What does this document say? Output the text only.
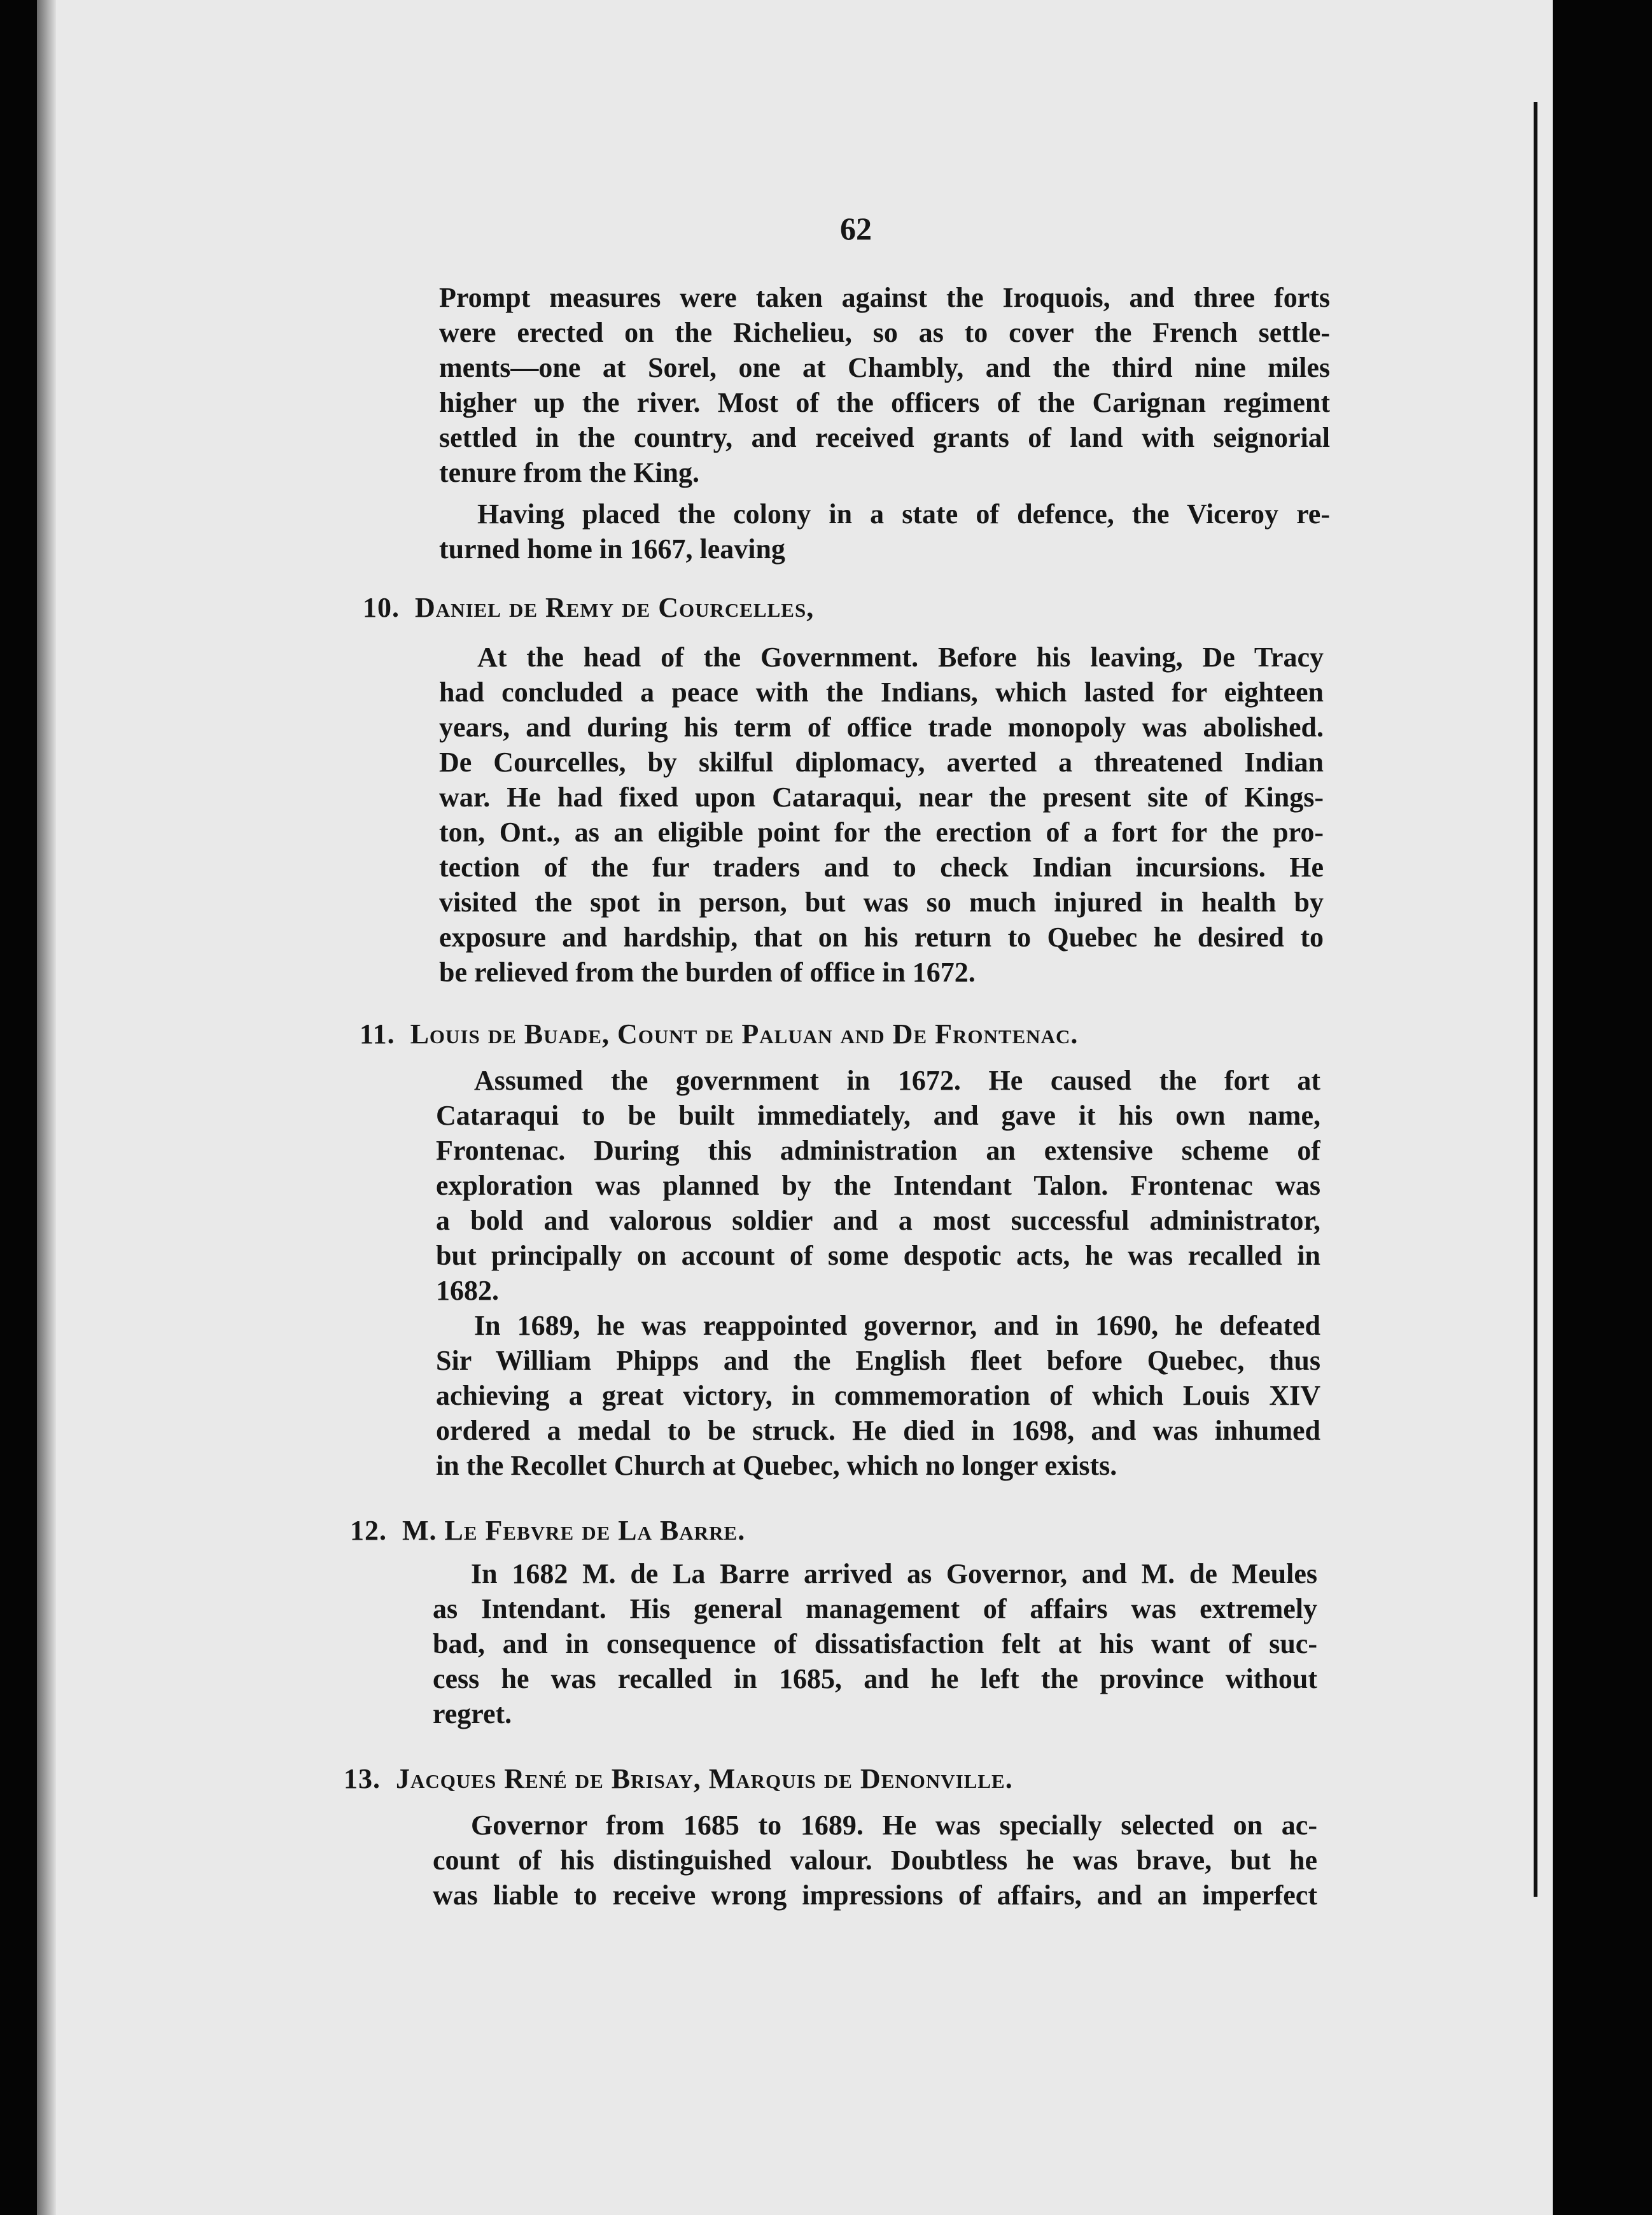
62
Prompt measures were taken against the Iroquois, and three forts
were erected on the Richelieu, so as to cover the French settle-
ments—one at Sorel, one at Chambly, and the third nine miles
higher up the river. Most of the officers of the Carignan regiment
settled in the country, and received grants of land with seignorial
tenure from the King.
Having placed the colony in a state of defence, the Viceroy re-
turned home in 1667, leaving
10. Daniel de Remy de Courcelles,
At the head of the Government. Before his leaving, De Tracy
had concluded a peace with the Indians, which lasted for eighteen
years, and during his term of office trade monopoly was abolished.
De Courcelles, by skilful diplomacy, averted a threatened Indian
war. He had fixed upon Cataraqui, near the present site of Kings-
ton, Ont., as an eligible point for the erection of a fort for the pro-
tection of the fur traders and to check Indian incursions. He
visited the spot in person, but was so much injured in health by
exposure and hardship, that on his return to Quebec he desired to
be relieved from the burden of office in 1672.
11. Louis de Buade, Count de Paluan and De Frontenac.
Assumed the government in 1672. He caused the fort at
Cataraqui to be built immediately, and gave it his own name,
Frontenac. During this administration an extensive scheme of
exploration was planned by the Intendant Talon. Frontenac was
a bold and valorous soldier and a most successful administrator,
but principally on account of some despotic acts, he was recalled in
1682.
In 1689, he was reappointed governor, and in 1690, he defeated
Sir William Phipps and the English fleet before Quebec, thus
achieving a great victory, in commemoration of which Louis XIV
ordered a medal to be struck. He died in 1698, and was inhumed
in the Recollet Church at Quebec, which no longer exists.
12. M. Le Febvre de La Barre.
In 1682 M. de La Barre arrived as Governor, and M. de Meules
as Intendant. His general management of affairs was extremely
bad, and in consequence of dissatisfaction felt at his want of suc-
cess he was recalled in 1685, and he left the province without
regret.
13. Jacques René de Brisay, Marquis de Denonville.
Governor from 1685 to 1689. He was specially selected on ac-
count of his distinguished valour. Doubtless he was brave, but he
was liable to receive wrong impressions of affairs, and an imperfect
